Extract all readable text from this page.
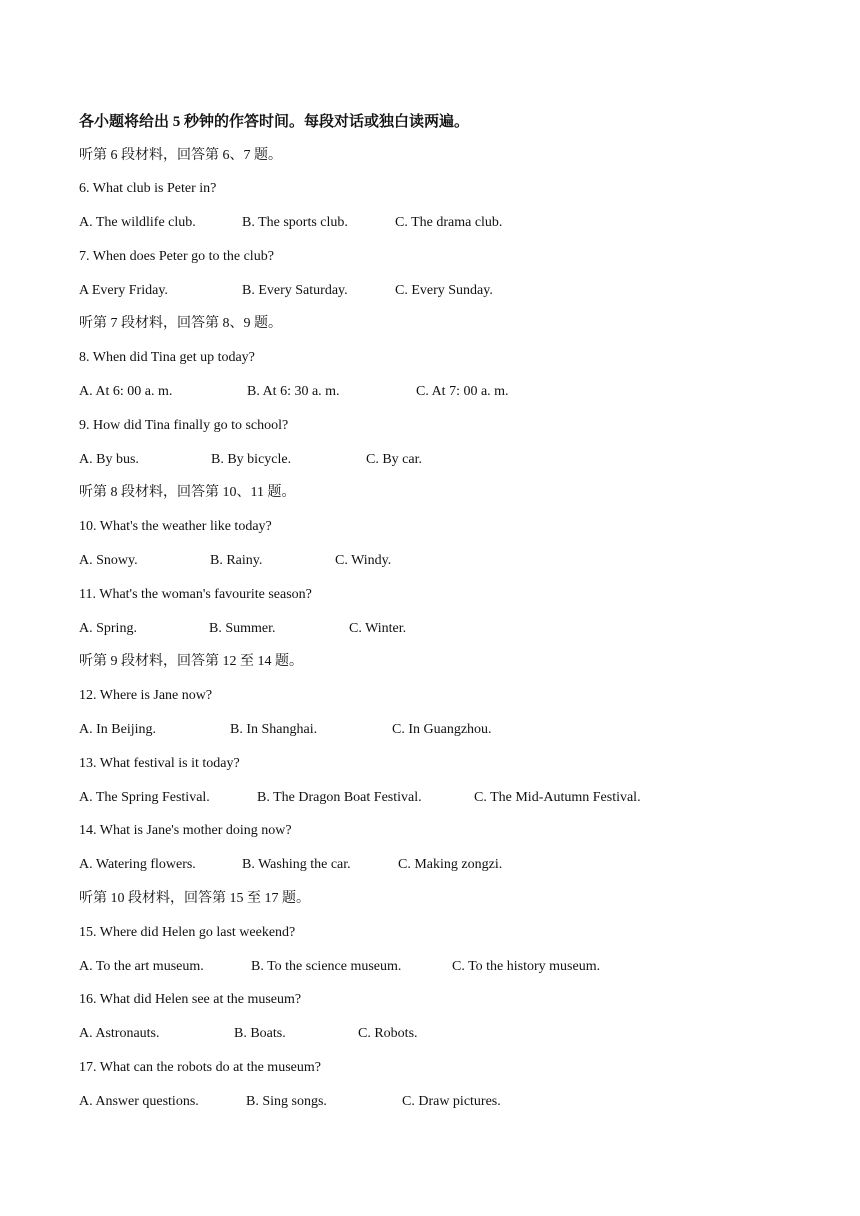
各小题将给出 5 秒钟的作答时间。每段对话或独白读两遍。
听第 6 段材料，回答第 6、7 题。
6. What club is Peter in?
A. The wildlife club.	B. The sports club.	C. The drama club.
7. When does Peter go to the club?
A Every Friday.	B. Every Saturday.	C. Every Sunday.
听第 7 段材料，回答第 8、9 题。
8. When did Tina get up today?
A. At 6: 00 a. m.	B. At 6: 30 a. m.	C. At 7: 00 a. m.
9. How did Tina finally go to school?
A. By bus.	B. By bicycle.	C. By car.
听第 8 段材料，回答第 10、11 题。
10. What's the weather like today?
A. Snowy.	B. Rainy.	C. Windy.
11. What's the woman's favourite season?
A. Spring.	B. Summer.	C. Winter.
听第 9 段材料，回答第 12 至 14 题。
12. Where is Jane now?
A. In Beijing.	B. In Shanghai.	C. In Guangzhou.
13. What festival is it today?
A. The Spring Festival.	B. The Dragon Boat Festival.	C. The Mid-Autumn Festival.
14. What is Jane's mother doing now?
A. Watering flowers.	B. Washing the car.	C. Making zongzi.
听第 10 段材料，回答第 15 至 17 题。
15. Where did Helen go last weekend?
A. To the art museum.	B. To the science museum.	C. To the history museum.
16. What did Helen see at the museum?
A. Astronauts.	B. Boats.	C. Robots.
17. What can the robots do at the museum?
A. Answer questions.	B. Sing songs.	C. Draw pictures.
